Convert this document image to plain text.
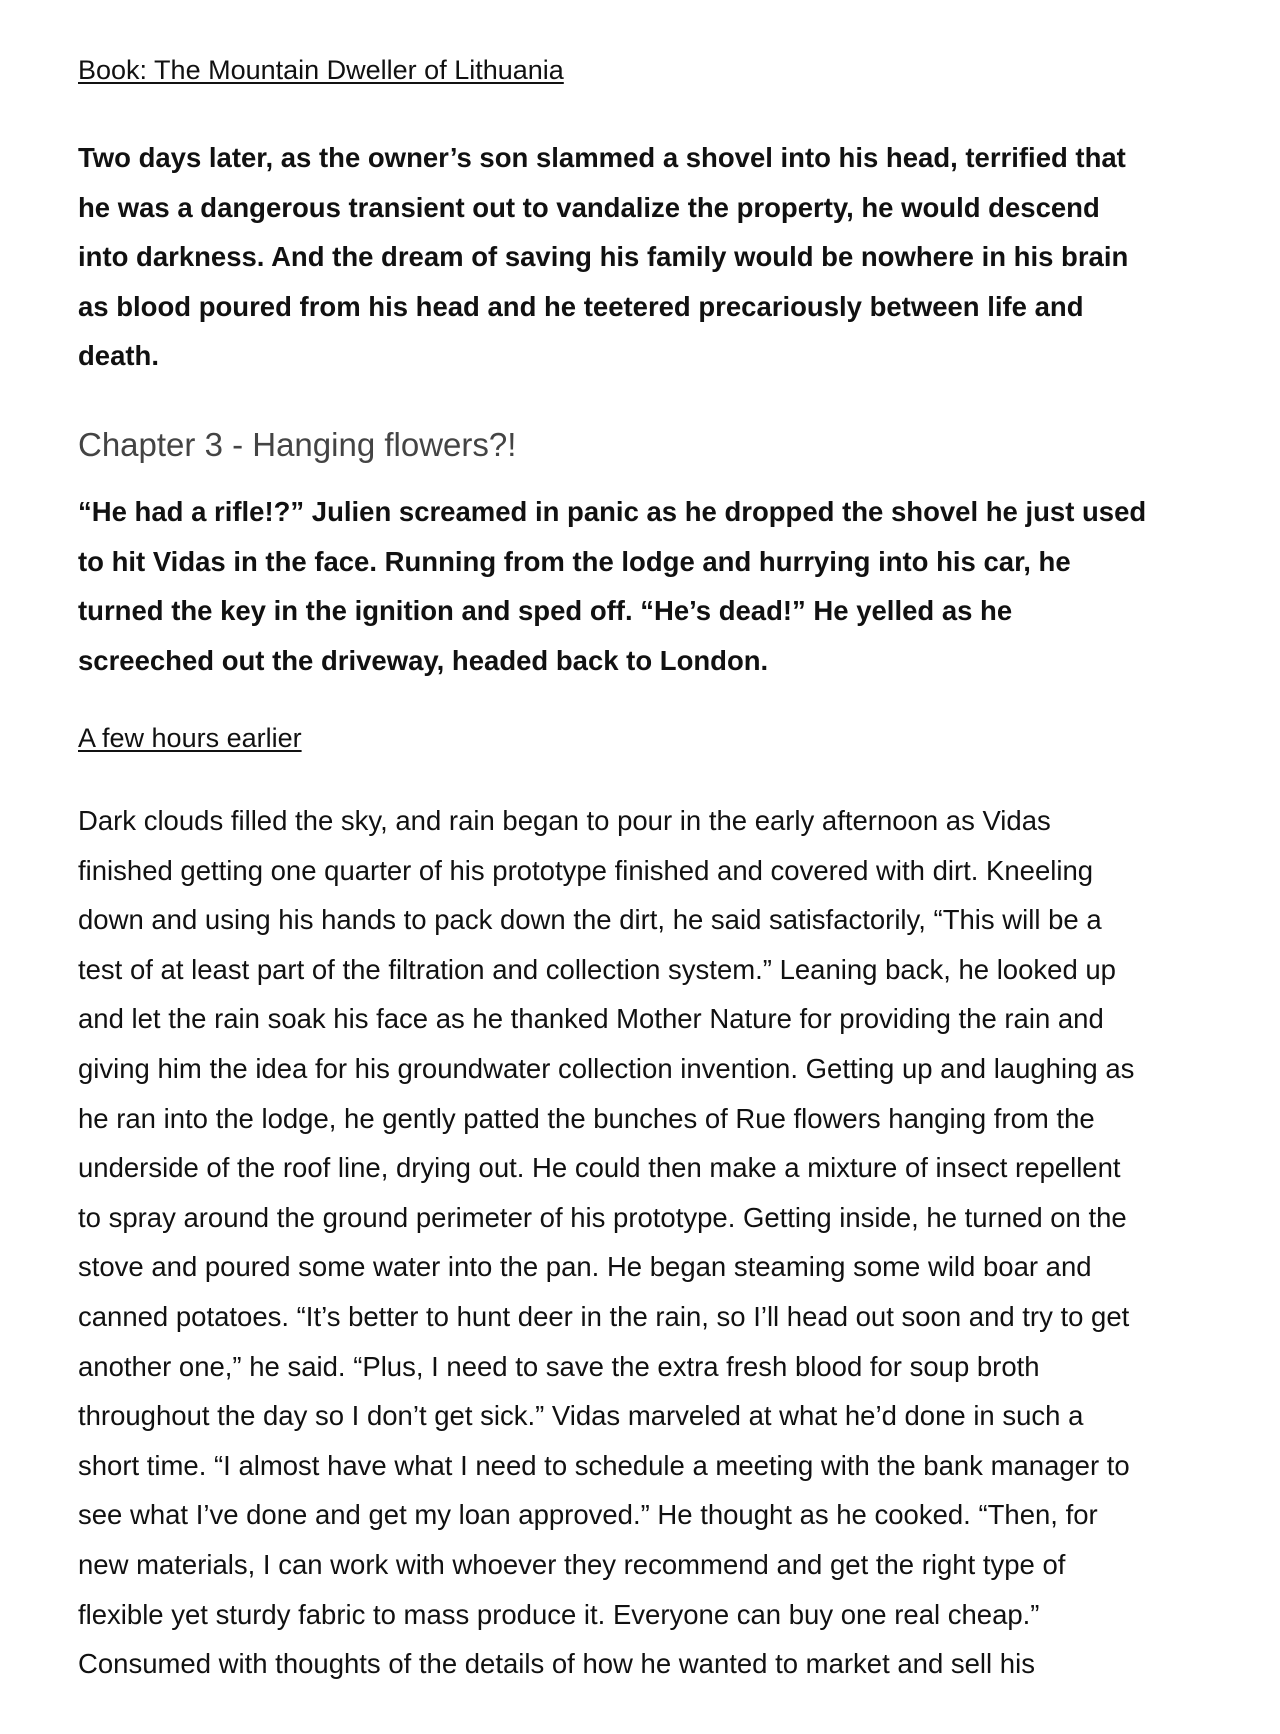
Book: The Mountain Dweller of Lithuania

Two days later, as the owner’s son slammed a shovel into his head, terrified that
he was a dangerous transient out to vandalize the property, he would descend
into darkness. And the dream of saving his family would be nowhere in his brain
as blood poured from his head and he teetered precariously between life and
death.

Chapter 3 - Hanging flowers?!

“He had a rifle!?” Julien screamed in panic as he dropped the shovel he just used
to hit Vidas in the face. Running from the lodge and hurrying into his car, he
turned the key in the ignition and sped off. “He’s dead!” He yelled as he
screeched out the driveway, headed back to London.

A few hours earlier

Dark clouds filled the sky, and rain began to pour in the early afternoon as Vidas
finished getting one quarter of his prototype finished and covered with dirt. Kneeling
down and using his hands to pack down the dirt, he said satisfactorily, “This will be a
test of at least part of the filtration and collection system.” Leaning back, he looked up
and let the rain soak his face as he thanked Mother Nature for providing the rain and
giving him the idea for his groundwater collection invention. Getting up and laughing as
he ran into the lodge, he gently patted the bunches of Rue flowers hanging from the
underside of the roof line, drying out. He could then make a mixture of insect repellent
to spray around the ground perimeter of his prototype. Getting inside, he turned on the
stove and poured some water into the pan. He began steaming some wild boar and
canned potatoes. “It’s better to hunt deer in the rain, so I’ll head out soon and try to get
another one,” he said. “Plus, I need to save the extra fresh blood for soup broth
throughout the day so I don’t get sick.” Vidas marveled at what he’d done in such a
short time. “I almost have what I need to schedule a meeting with the bank manager to
see what I’ve done and get my loan approved.” He thought as he cooked. “Then, for
new materials, I can work with whoever they recommend and get the right type of
flexible yet sturdy fabric to mass produce it. Everyone can buy one real cheap.”
Consumed with thoughts of the details of how he wanted to market and sell his
